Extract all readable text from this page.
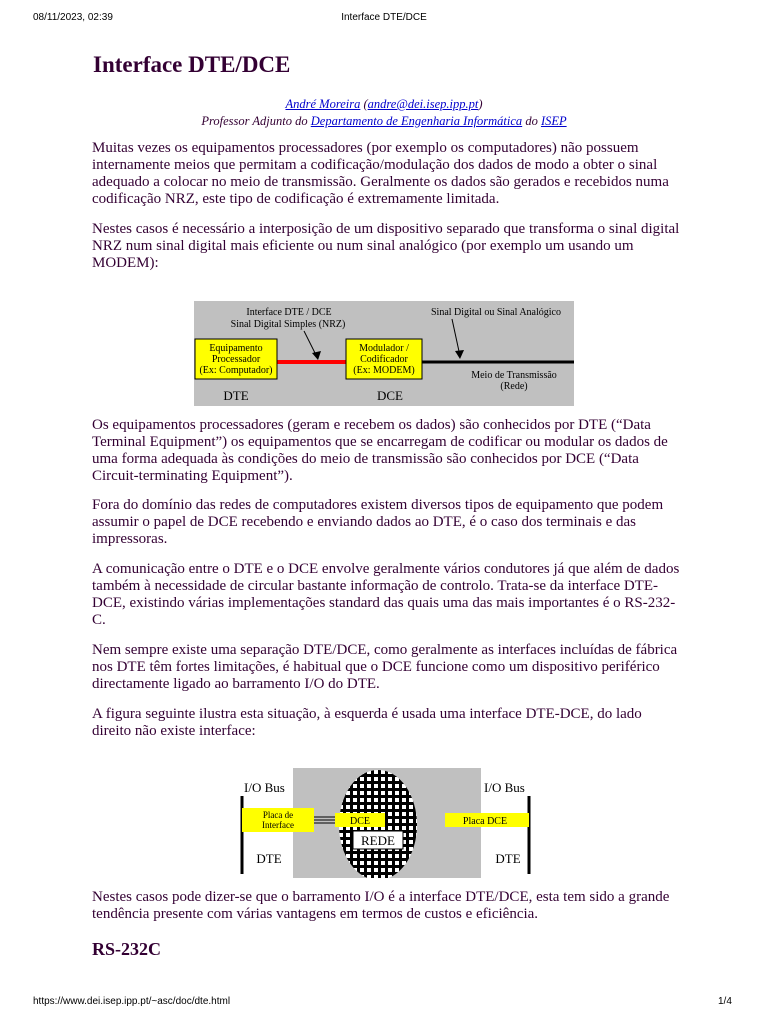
08/11/2023, 02:39	Interface DTE/DCE
Interface DTE/DCE
André Moreira (andre@dei.isep.ipp.pt)
Professor Adjunto do Departamento de Engenharia Informática do ISEP

Muitas vezes os equipamentos processadores (por exemplo os computadores) não possuem internamente meios que permitam a codificação/modulação dos dados de modo a obter o sinal adequado a colocar no meio de transmissão. Geralmente os dados são gerados e recebidos numa codificação NRZ, este tipo de codificação é extremamente limitada.

Nestes casos é necessário a interposição de um dispositivo separado que transforma o sinal digital NRZ num sinal digital mais eficiente ou num sinal analógico (por exemplo um usando um MODEM):

Interface DTE / DCE
Sinal Digital Simples (NRZ)
Sinal Digital ou Sinal Analógico
Equipamento
Processador
(Ex: Computador)
Modulador /
Codificador
(Ex: MODEM)	Meio de Transmissão
(Rede)
DTE	DCE

Os equipamentos processadores (geram e recebem os dados) são conhecidos por DTE (“Data Terminal Equipment”) os equipamentos que se encarregam de codificar ou modular os dados de uma forma adequada às condições do meio de transmissão são conhecidos por DCE (“Data Circuit-terminating Equipment”).

Fora do domínio das redes de computadores existem diversos tipos de equipamento que podem assumir o papel de DCE recebendo e enviando dados ao DTE, é o caso dos terminais e das impressoras.

A comunicação entre o DTE e o DCE envolve geralmente vários condutores já que além de dados também à necessidade de circular bastante informação de controlo. Trata-se da interface DTE-DCE, existindo várias implementações standard das quais uma das mais importantes é o RS-232-C.

Nem sempre existe uma separação DTE/DCE, como geralmente as interfaces incluídas de fábrica nos DTE têm fortes limitações, é habitual que o DCE funcione como um dispositivo periférico directamente ligado ao barramento I/O do DTE.

A figura seguinte ilustra esta situação, à esquerda é usada uma interface DTE-DCE, do lado direito não existe interface:

REDE
I/O Bus	I/O Bus
Placa de
Interface	DCE	Placa DCE
DTE	DTE

Nestes casos pode dizer-se que o barramento I/O é a interface DTE/DCE, esta tem sido a grande tendência presente com várias vantagens em termos de custos e eficiência.

RS-232C
https://www.dei.isep.ipp.pt/~asc/doc/dte.html	1/4
